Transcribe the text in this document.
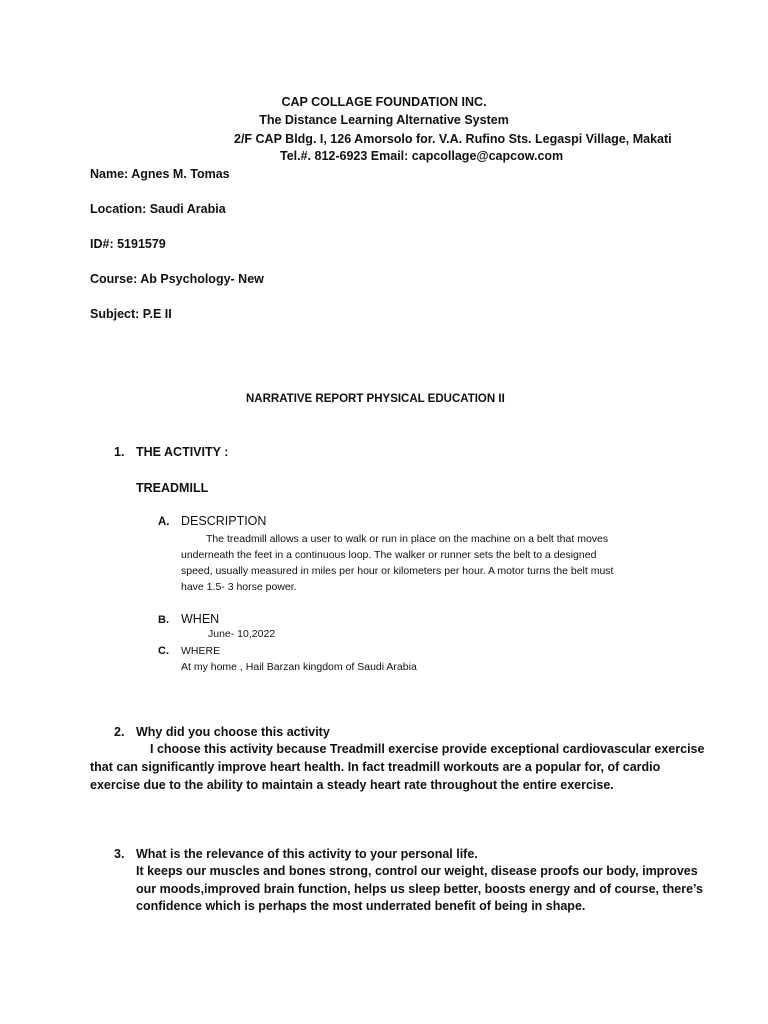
CAP COLLAGE FOUNDATION INC.
The Distance Learning Alternative System
2/F CAP Bldg. I, 126 Amorsolo for. V.A. Rufino Sts. Legaspi Village, Makati
Tel.#. 812-6923 Email: capcollage@capcow.com
Name: Agnes M. Tomas
Location: Saudi Arabia
ID#: 5191579
Course: Ab Psychology- New
Subject: P.E II
NARRATIVE REPORT PHYSICAL EDUCATION II
1. THE ACTIVITY :
TREADMILL
A. DESCRIPTION
The treadmill allows a user to walk or run in place on the machine on a belt that moves
underneath the feet in a continuous loop. The walker or runner sets the belt to a designed
speed, usually measured in miles per hour or kilometers per hour. A motor turns the belt must
have 1.5- 3 horse power.
B. WHEN
June- 10,2022
C. WHERE
At my home , Hail Barzan kingdom of Saudi Arabia
2. Why did you choose this activity
I choose this activity because Treadmill exercise provide exceptional cardiovascular exercise
that can significantly improve heart health. In fact treadmill workouts are a popular for, of cardio
exercise due to the ability to maintain a steady heart rate throughout the entire exercise.
3. What is the relevance of this activity to your personal life.
It keeps our muscles and bones strong, control our weight, disease proofs our body, improves
our moods,improved brain function, helps us sleep better, boosts energy and of course, there’s
confidence which is perhaps the most underrated benefit of being in shape.
